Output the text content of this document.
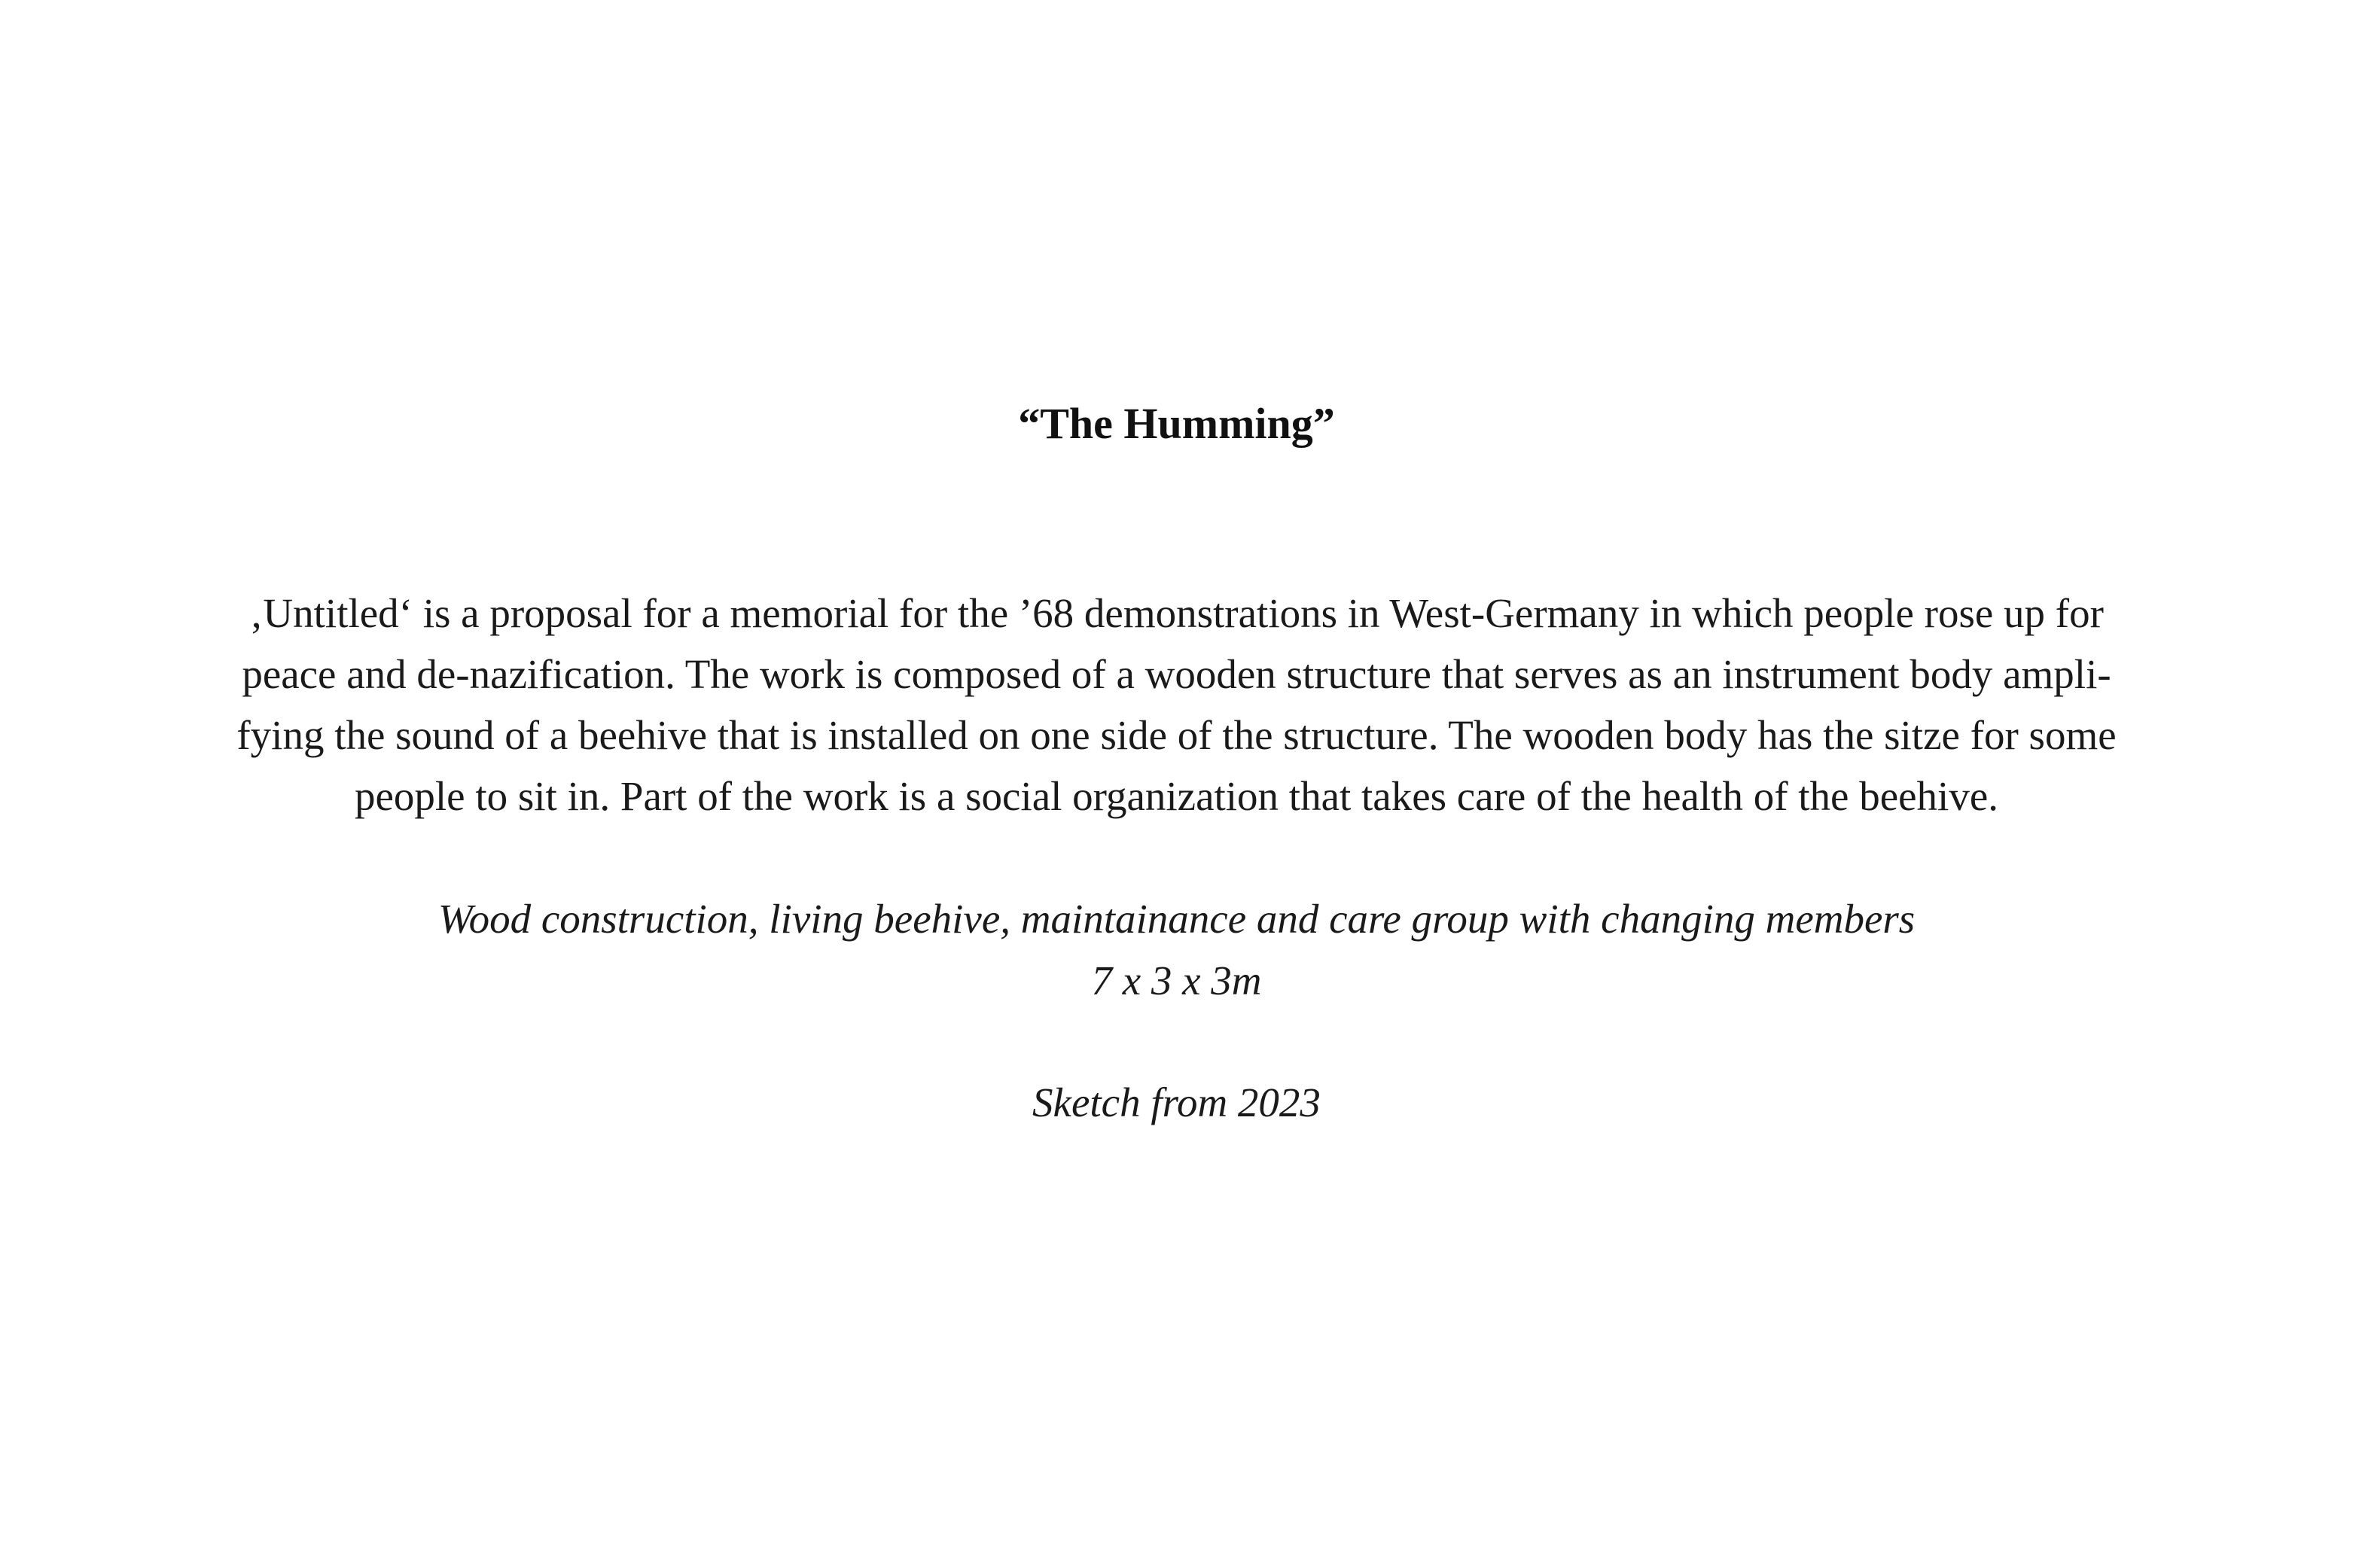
“The Humming”
‚Untitled‘ is a proposal for a memorial for the ’68 demonstrations in West-Germany in which people rose up for
peace and de-nazification. The work is composed of a wooden structure that serves as an instrument body ampli-
fying the sound of a beehive that is installed on one side of the structure. The wooden body has the sitze for some
people to sit in. Part of the work is a social organization that takes care of the health of the beehive.
Wood construction, living beehive, maintainance and care group with changing members
7 x 3 x 3m
Sketch from 2023
